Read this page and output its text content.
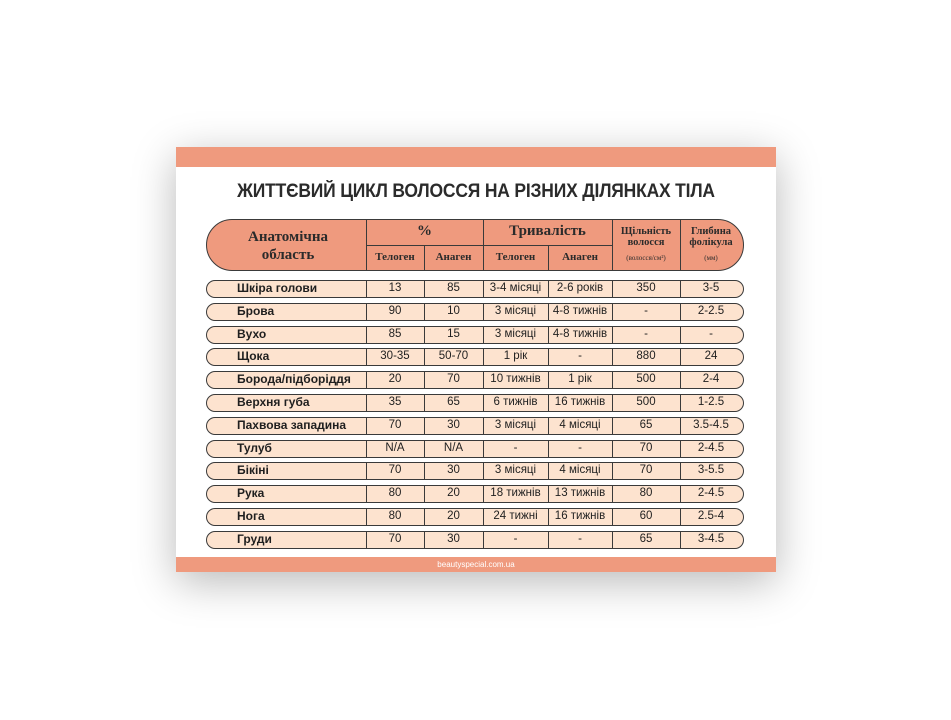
ЖИТТЄВИЙ ЦИКЛ ВОЛОССЯ НА РІЗНИХ ДІЛЯНКАХ ТІЛА
Анатомічна область
%
Телоген	Анаген
Тривалість
Телоген	Анаген
Щільність волосся
(волосся/см²)
Глибина фолікула
(мм)
Шкіра голови	13	85	3-4 місяці	2-6 років	350	3-5
Брова	90	10	3 місяці	4-8 тижнів	-	2-2.5
Вухо	85	15	3 місяці	4-8 тижнів	-	-
Щока	30-35	50-70	1 рік	-	880	24
Борода/підборіддя	20	70	10 тижнів	1 рік	500	2-4
Верхня губа	35	65	6 тижнів	16 тижнів	500	1-2.5
Пахвова западина	70	30	3 місяці	4 місяці	65	3.5-4.5
Тулуб	N/A	N/A	-	-	70	2-4.5
Бікіні	70	30	3 місяці	4 місяці	70	3-5.5
Рука	80	20	18 тижнів	13 тижнів	80	2-4.5
Нога	80	20	24 тижні	16 тижнів	60	2.5-4
Груди	70	30	-	-	65	3-4.5
beautyspecial.com.ua
